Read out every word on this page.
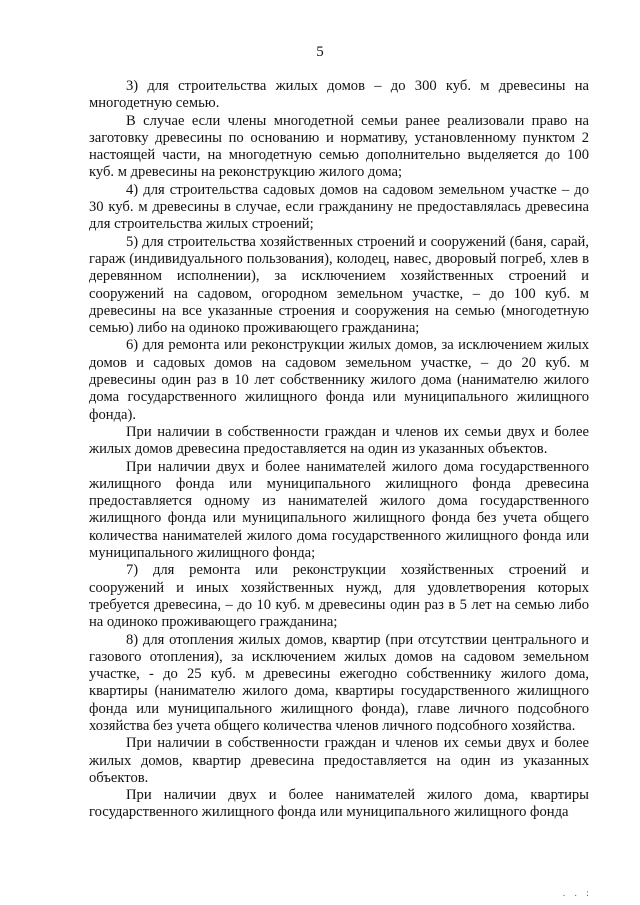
5

3) для строительства жилых домов – до 300 куб. м древесины на многодетную семью.

В случае если члены многодетной семьи ранее реализовали право на заготовку древесины по основанию и нормативу, установленному пунктом 2 настоящей части, на многодетную семью дополнительно выделяется до 100 куб. м древесины на реконструкцию жилого дома;

4) для строительства садовых домов на садовом земельном участке – до 30 куб. м древесины в случае, если гражданину не предоставлялась древесина для строительства жилых строений;

5) для строительства хозяйственных строений и сооружений (баня, сарай, гараж (индивидуального пользования), колодец, навес, дворовый погреб, хлев в деревянном исполнении), за исключением хозяйственных строений и сооружений на садовом, огородном земельном участке, – до 100 куб. м древесины на все указанные строения и сооружения на семью (многодетную семью) либо на одиноко проживающего гражданина;

6) для ремонта или реконструкции жилых домов, за исключением жилых домов и садовых домов на садовом земельном участке, – до 20 куб. м древесины один раз в 10 лет собственнику жилого дома (нанимателю жилого дома государственного жилищного фонда или муниципального жилищного фонда).

При наличии в собственности граждан и членов их семьи двух и более жилых домов древесина предоставляется на один из указанных объектов.

При наличии двух и более нанимателей жилого дома государственного жилищного фонда или муниципального жилищного фонда древесина предоставляется одному из нанимателей жилого дома государственного жилищного фонда или муниципального жилищного фонда без учета общего количества нанимателей жилого дома государственного жилищного фонда или муниципального жилищного фонда;

7) для ремонта или реконструкции хозяйственных строений и сооружений и иных хозяйственных нужд, для удовлетворения которых требуется древесина, – до 10 куб. м древесины один раз в 5 лет на семью либо на одиноко проживающего гражданина;

8) для отопления жилых домов, квартир (при отсутствии центрального и газового отопления), за исключением жилых домов на садовом земельном участке, - до 25 куб. м древесины ежегодно собственнику жилого дома, квартиры (нанимателю жилого дома, квартиры государственного жилищного фонда или муниципального жилищного фонда), главе личного подсобного хозяйства без учета общего количества членов личного подсобного хозяйства.

При наличии в собственности граждан и членов их семьи двух и более жилых домов, квартир древесина предоставляется на один из указанных объектов.

При наличии двух и более нанимателей жилого дома, квартиры государственного жилищного фонда или муниципального жилищного фонда

. . :
